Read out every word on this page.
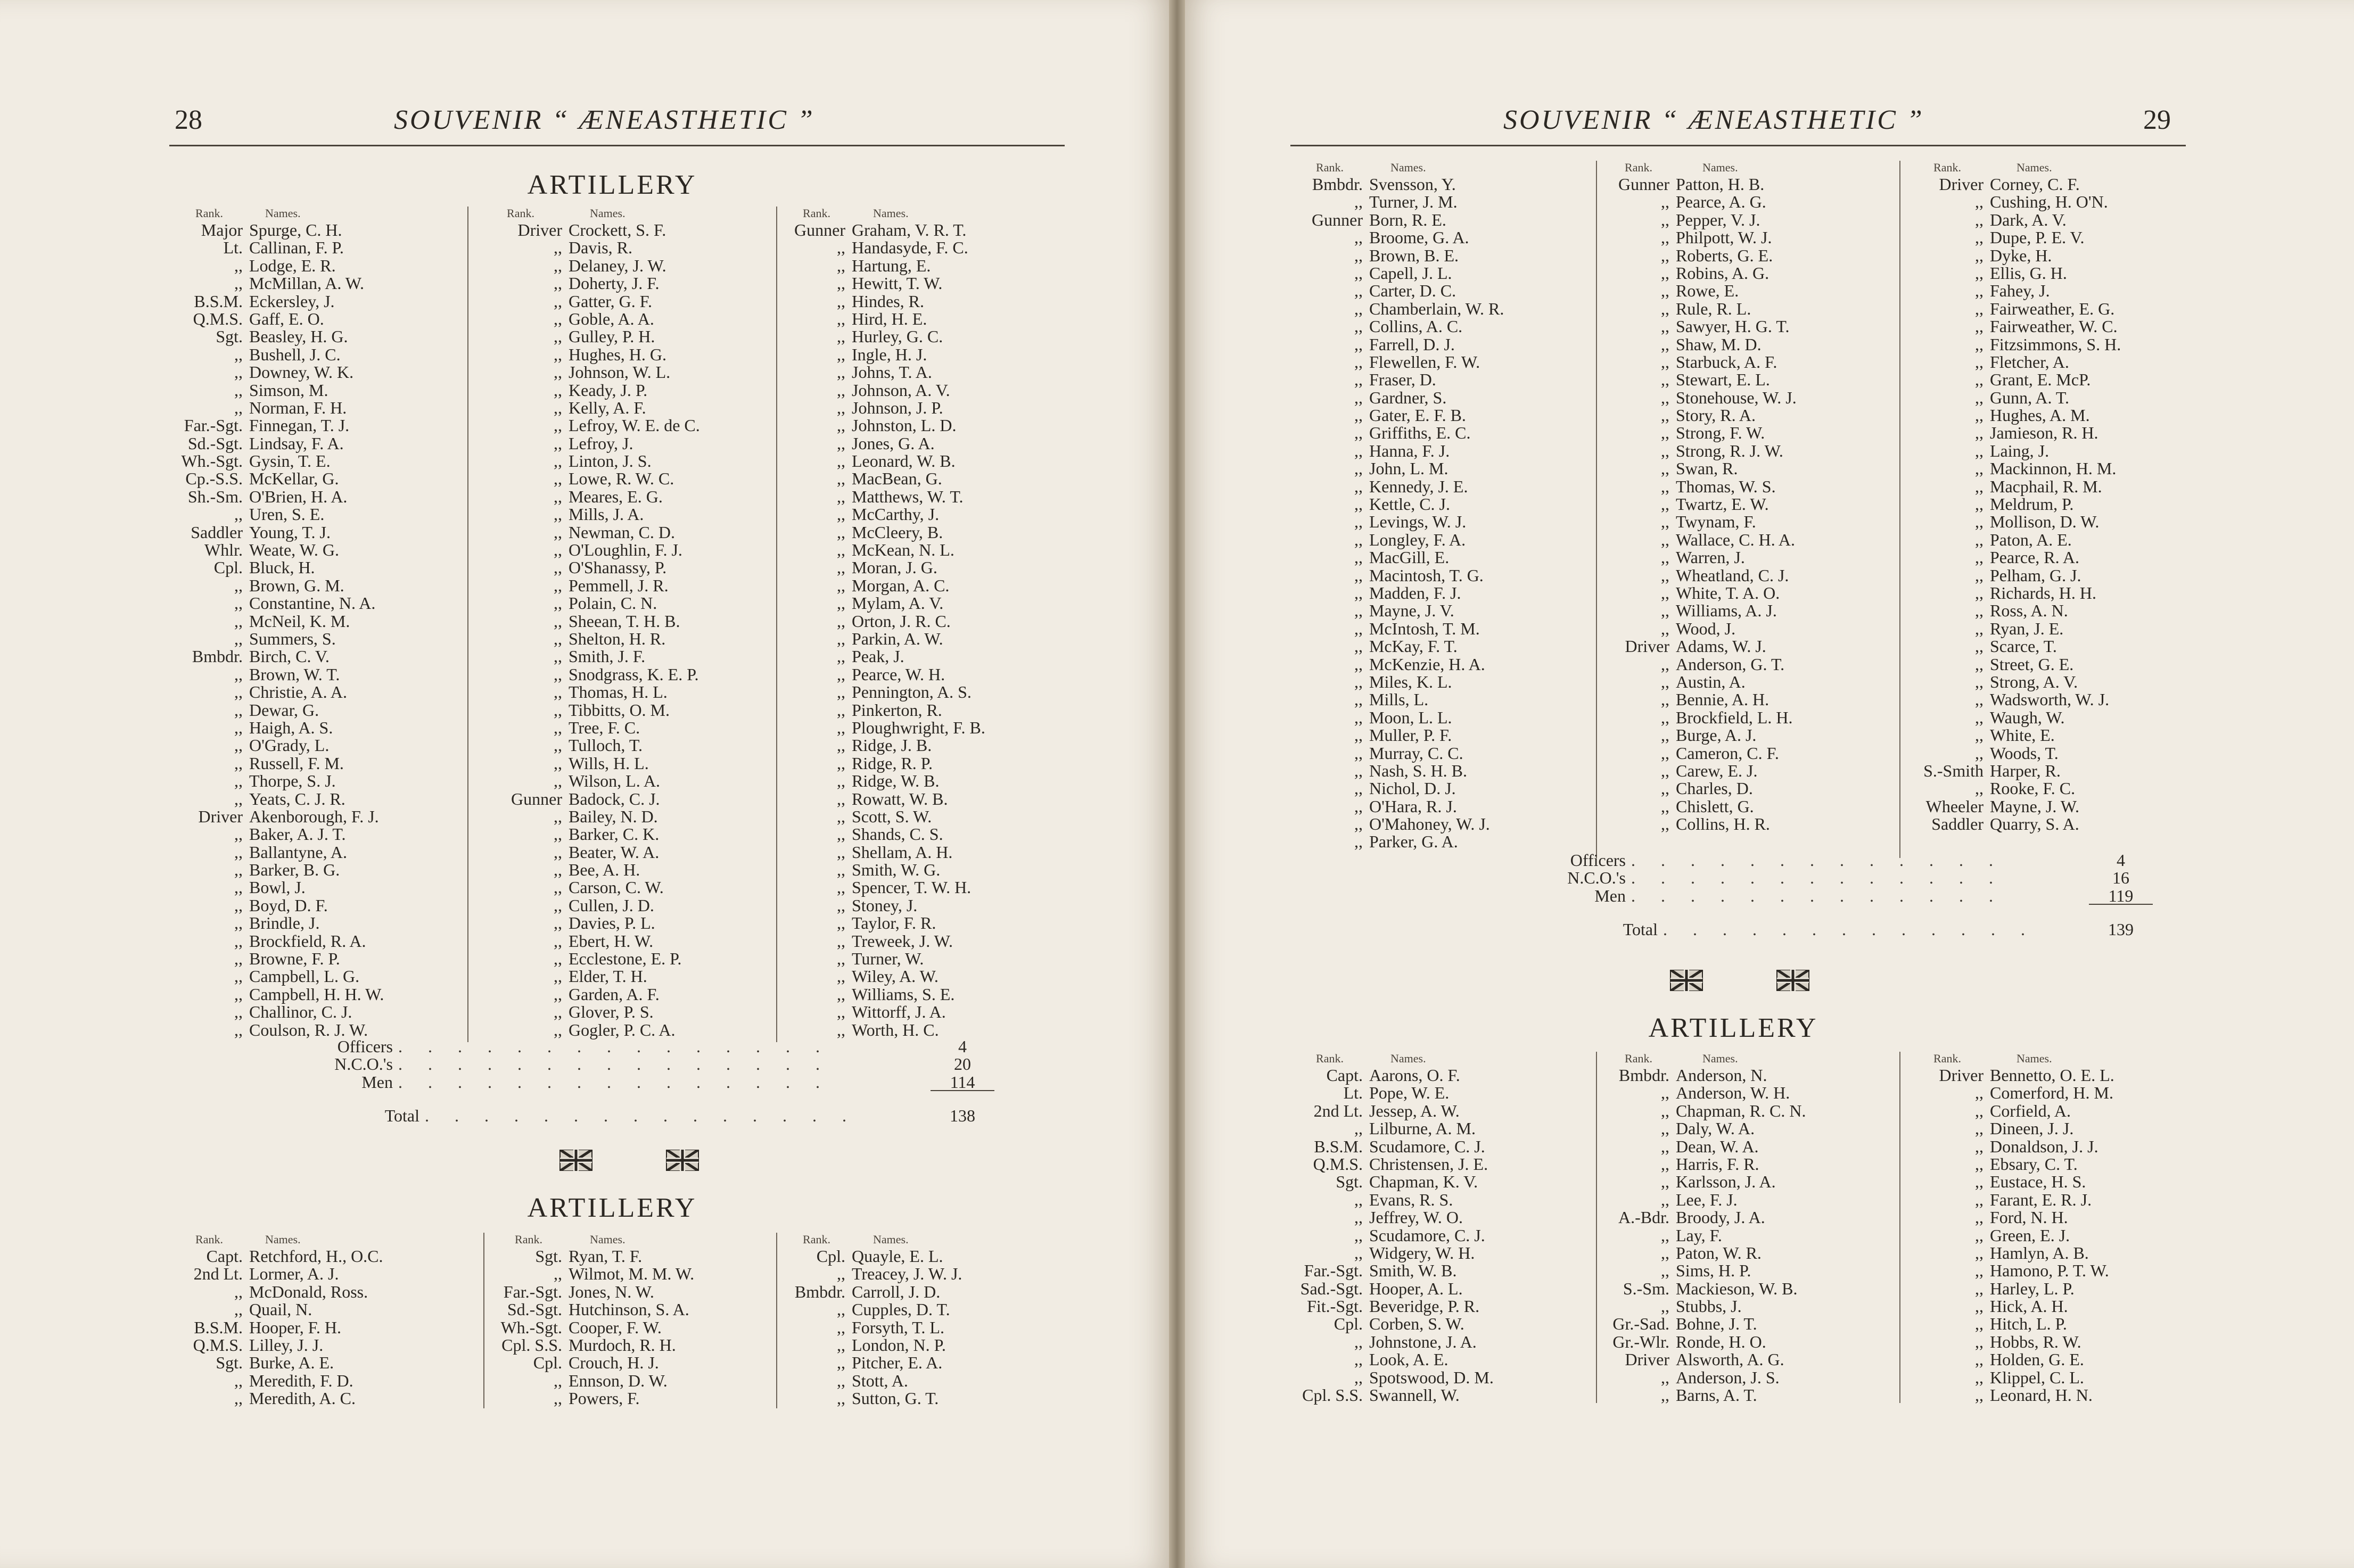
28	SOUVENIR “ ÆNEASTHETIC ”
ARTILLERY
Rank.	Names.
Major Spurge, C. H.
Lt. Callinan, F. P.
,, Lodge, E. R.
,, McMillan, A. W.
B.S.M. Eckersley, J.
Q.M.S. Gaff, E. O.
Sgt. Beasley, H. G.
,, Bushell, J. C.
,, Downey, W. K.
,, Simson, M.
,, Norman, F. H.
Far.-Sgt. Finnegan, T. J.
Sd.-Sgt. Lindsay, F. A.
Wh.-Sgt. Gysin, T. E.
Cp.-S.S. McKellar, G.
Sh.-Sm. O'Brien, H. A.
,, Uren, S. E.
Saddler Young, T. J.
Whlr. Weate, W. G.
Cpl. Bluck, H.
,, Brown, G. M.
,, Constantine, N. A.
,, McNeil, K. M.
,, Summers, S.
Bmbdr. Birch, C. V.
,, Brown, W. T.
,, Christie, A. A.
,, Dewar, G.
,, Haigh, A. S.
,, O'Grady, L.
,, Russell, F. M.
,, Thorpe, S. J.
,, Yeats, C. J. R.
Driver Akenborough, F. J.
,, Baker, A. J. T.
,, Ballantyne, A.
,, Barker, B. G.
,, Bowl, J.
,, Boyd, D. F.
,, Brindle, J.
,, Brockfield, R. A.
,, Browne, F. P.
,, Campbell, L. G.
,, Campbell, H. H. W.
,, Challinor, C. J.
,, Coulson, R. J. W.
Rank.	Names.
Driver Crockett, S. F.
,, Davis, R.
,, Delaney, J. W.
,, Doherty, J. F.
,, Gatter, G. F.
,, Goble, A. A.
,, Gulley, P. H.
,, Hughes, H. G.
,, Johnson, W. L.
,, Keady, J. P.
,, Kelly, A. F.
,, Lefroy, W. E. de C.
,, Lefroy, J.
,, Linton, J. S.
,, Lowe, R. W. C.
,, Meares, E. G.
,, Mills, J. A.
,, Newman, C. D.
,, O'Loughlin, F. J.
,, O'Shanassy, P.
,, Pemmell, J. R.
,, Polain, C. N.
,, Sheean, T. H. B.
,, Shelton, H. R.
,, Smith, J. F.
,, Snodgrass, K. E. P.
,, Thomas, H. L.
,, Tibbitts, O. M.
,, Tree, F. C.
,, Tulloch, T.
,, Wills, H. L.
,, Wilson, L. A.
Gunner Badock, C. J.
,, Bailey, N. D.
,, Barker, C. K.
,, Beater, W. A.
,, Bee, A. H.
,, Carson, C. W.
,, Cullen, J. D.
,, Davies, P. L.
,, Ebert, H. W.
,, Ecclestone, E. P.
,, Elder, T. H.
,, Garden, A. F.
,, Glover, P. S.
,, Gogler, P. C. A.
Rank.	Names.
Gunner Graham, V. R. T.
,, Handasyde, F. C.
,, Hartung, E.
,, Hewitt, T. W.
,, Hindes, R.
,, Hird, H. E.
,, Hurley, G. C.
,, Ingle, H. J.
,, Johns, T. A.
,, Johnson, A. V.
,, Johnson, J. P.
,, Johnston, L. D.
,, Jones, G. A.
,, Leonard, W. B.
,, MacBean, G.
,, Matthews, W. T.
,, McCarthy, J.
,, McCleery, B.
,, McKean, N. L.
,, Moran, J. G.
,, Morgan, A. C.
,, Mylam, A. V.
,, Orton, J. R. C.
,, Parkin, A. W.
,, Peak, J.
,, Pearce, W. H.
,, Pennington, A. S.
,, Pinkerton, R.
,, Ploughwright, F. B.
,, Ridge, J. B.
,, Ridge, R. P.
,, Ridge, W. B.
,, Rowatt, W. B.
,, Scott, S. W.
,, Shands, C. S.
,, Shellam, A. H.
,, Smith, W. G.
,, Spencer, T. W. H.
,, Stoney, J.
,, Taylor, F. R.
,, Treweek, J. W.
,, Turner, W.
,, Wiley, A. W.
,, Williams, S. E.
,, Wittorff, J. A.
,, Worth, H. C.
Officers . . . . . . . . . . . . . . .	4
N.C.O.'s . . . . . . . . . . . . . . .	20
Men . . . . . . . . . . . . . . .	114
Total . . . . . . . . . . . . . . .	138
ARTILLERY
Rank.	Names.
Capt. Retchford, H., O.C.
2nd Lt. Lormer, A. J.
,, McDonald, Ross.
,, Quail, N.
B.S.M. Hooper, F. H.
Q.M.S. Lilley, J. J.
Sgt. Burke, A. E.
,, Meredith, F. D.
,, Meredith, A. C.
Rank.	Names.
Sgt. Ryan, T. F.
,, Wilmot, M. M. W.
Far.-Sgt. Jones, N. W.
Sd.-Sgt. Hutchinson, S. A.
Wh.-Sgt. Cooper, F. W.
Cpl. S.S. Murdoch, R. H.
Cpl. Crouch, H. J.
,, Ennson, D. W.
,, Powers, F.
Rank.	Names.
Cpl. Quayle, E. L.
,, Treacey, J. W. J.
Bmbdr. Carroll, J. D.
,, Cupples, D. T.
,, Forsyth, T. L.
,, London, N. P.
,, Pitcher, E. A.
,, Stott, A.
,, Sutton, G. T.
SOUVENIR “ ÆNEASTHETIC ”	29
Rank.	Names.
Bmbdr. Svensson, Y.
,, Turner, J. M.
Gunner Born, R. E.
,, Broome, G. A.
,, Brown, B. E.
,, Capell, J. L.
,, Carter, D. C.
,, Chamberlain, W. R.
,, Collins, A. C.
,, Farrell, D. J.
,, Flewellen, F. W.
,, Fraser, D.
,, Gardner, S.
,, Gater, E. F. B.
,, Griffiths, E. C.
,, Hanna, F. J.
,, John, L. M.
,, Kennedy, J. E.
,, Kettle, C. J.
,, Levings, W. J.
,, Longley, F. A.
,, MacGill, E.
,, Macintosh, T. G.
,, Madden, F. J.
,, Mayne, J. V.
,, McIntosh, T. M.
,, McKay, F. T.
,, McKenzie, H. A.
,, Miles, K. L.
,, Mills, L.
,, Moon, L. L.
,, Muller, P. F.
,, Murray, C. C.
,, Nash, S. H. B.
,, Nichol, D. J.
,, O'Hara, R. J.
,, O'Mahoney, W. J.
,, Parker, G. A.
Rank.	Names.
Gunner Patton, H. B.
,, Pearce, A. G.
,, Pepper, V. J.
,, Philpott, W. J.
,, Roberts, G. E.
,, Robins, A. G.
,, Rowe, E.
,, Rule, R. L.
,, Sawyer, H. G. T.
,, Shaw, M. D.
,, Starbuck, A. F.
,, Stewart, E. L.
,, Stonehouse, W. J.
,, Story, R. A.
,, Strong, F. W.
,, Strong, R. J. W.
,, Swan, R.
,, Thomas, W. S.
,, Twartz, E. W.
,, Twynam, F.
,, Wallace, C. H. A.
,, Warren, J.
,, Wheatland, C. J.
,, White, T. A. O.
,, Williams, A. J.
,, Wood, J.
Driver Adams, W. J.
,, Anderson, G. T.
,, Austin, A.
,, Bennie, A. H.
,, Brockfield, L. H.
,, Burge, A. J.
,, Cameron, C. F.
,, Carew, E. J.
,, Charles, D.
,, Chislett, G.
,, Collins, H. R.
Rank.	Names.
Driver Corney, C. F.
,, Cushing, H. O'N.
,, Dark, A. V.
,, Dupe, P. E. V.
,, Dyke, H.
,, Ellis, G. H.
,, Fahey, J.
,, Fairweather, E. G.
,, Fairweather, W. C.
,, Fitzsimmons, S. H.
,, Fletcher, A.
,, Grant, E. McP.
,, Gunn, A. T.
,, Hughes, A. M.
,, Jamieson, R. H.
,, Laing, J.
,, Mackinnon, H. M.
,, Macphail, R. M.
,, Meldrum, P.
,, Mollison, D. W.
,, Paton, A. E.
,, Pearce, R. A.
,, Pelham, G. J.
,, Richards, H. H.
,, Ross, A. N.
,, Ryan, J. E.
,, Scarce, T.
,, Street, G. E.
,, Strong, A. V.
,, Wadsworth, W. J.
,, Waugh, W.
,, White, E.
,, Woods, T.
S.-Smith Harper, R.
,, Rooke, F. C.
Wheeler Mayne, J. W.
Saddler Quarry, S. A.
Officers . . . . . . . . . . . . .	4
N.C.O.'s . . . . . . . . . . . . .	16
Men . . . . . . . . . . . . .	119
Total . . . . . . . . . . . . .	139
ARTILLERY
Rank.	Names.
Capt. Aarons, O. F.
Lt. Pope, W. E.
2nd Lt. Jessep, A. W.
,, Lilburne, A. M.
B.S.M. Scudamore, C. J.
Q.M.S. Christensen, J. E.
Sgt. Chapman, K. V.
,, Evans, R. S.
,, Jeffrey, W. O.
,, Scudamore, C. J.
,, Widgery, W. H.
Far.-Sgt. Smith, W. B.
Sad.-Sgt. Hooper, A. L.
Fit.-Sgt. Beveridge, P. R.
Cpl. Corben, S. W.
,, Johnstone, J. A.
,, Look, A. E.
,, Spotswood, D. M.
Cpl. S.S. Swannell, W.
Rank.	Names.
Bmbdr. Anderson, N.
,, Anderson, W. H.
,, Chapman, R. C. N.
,, Daly, W. A.
,, Dean, W. A.
,, Harris, F. R.
,, Karlsson, J. A.
,, Lee, F. J.
A.-Bdr. Broody, J. A.
,, Lay, F.
,, Paton, W. R.
,, Sims, H. P.
S.-Sm. Mackieson, W. B.
,, Stubbs, J.
Gr.-Sad. Bohne, J. T.
Gr.-Wlr. Ronde, H. O.
Driver Alsworth, A. G.
,, Anderson, J. S.
,, Barns, A. T.
Rank.	Names.
Driver Bennetto, O. E. L.
,, Comerford, H. M.
,, Corfield, A.
,, Dineen, J. J.
,, Donaldson, J. J.
,, Ebsary, C. T.
,, Eustace, H. S.
,, Farant, E. R. J.
,, Ford, N. H.
,, Green, E. J.
,, Hamlyn, A. B.
,, Hamono, P. T. W.
,, Harley, L. P.
,, Hick, A. H.
,, Hitch, L. P.
,, Hobbs, R. W.
,, Holden, G. E.
,, Klippel, C. L.
,, Leonard, H. N.
